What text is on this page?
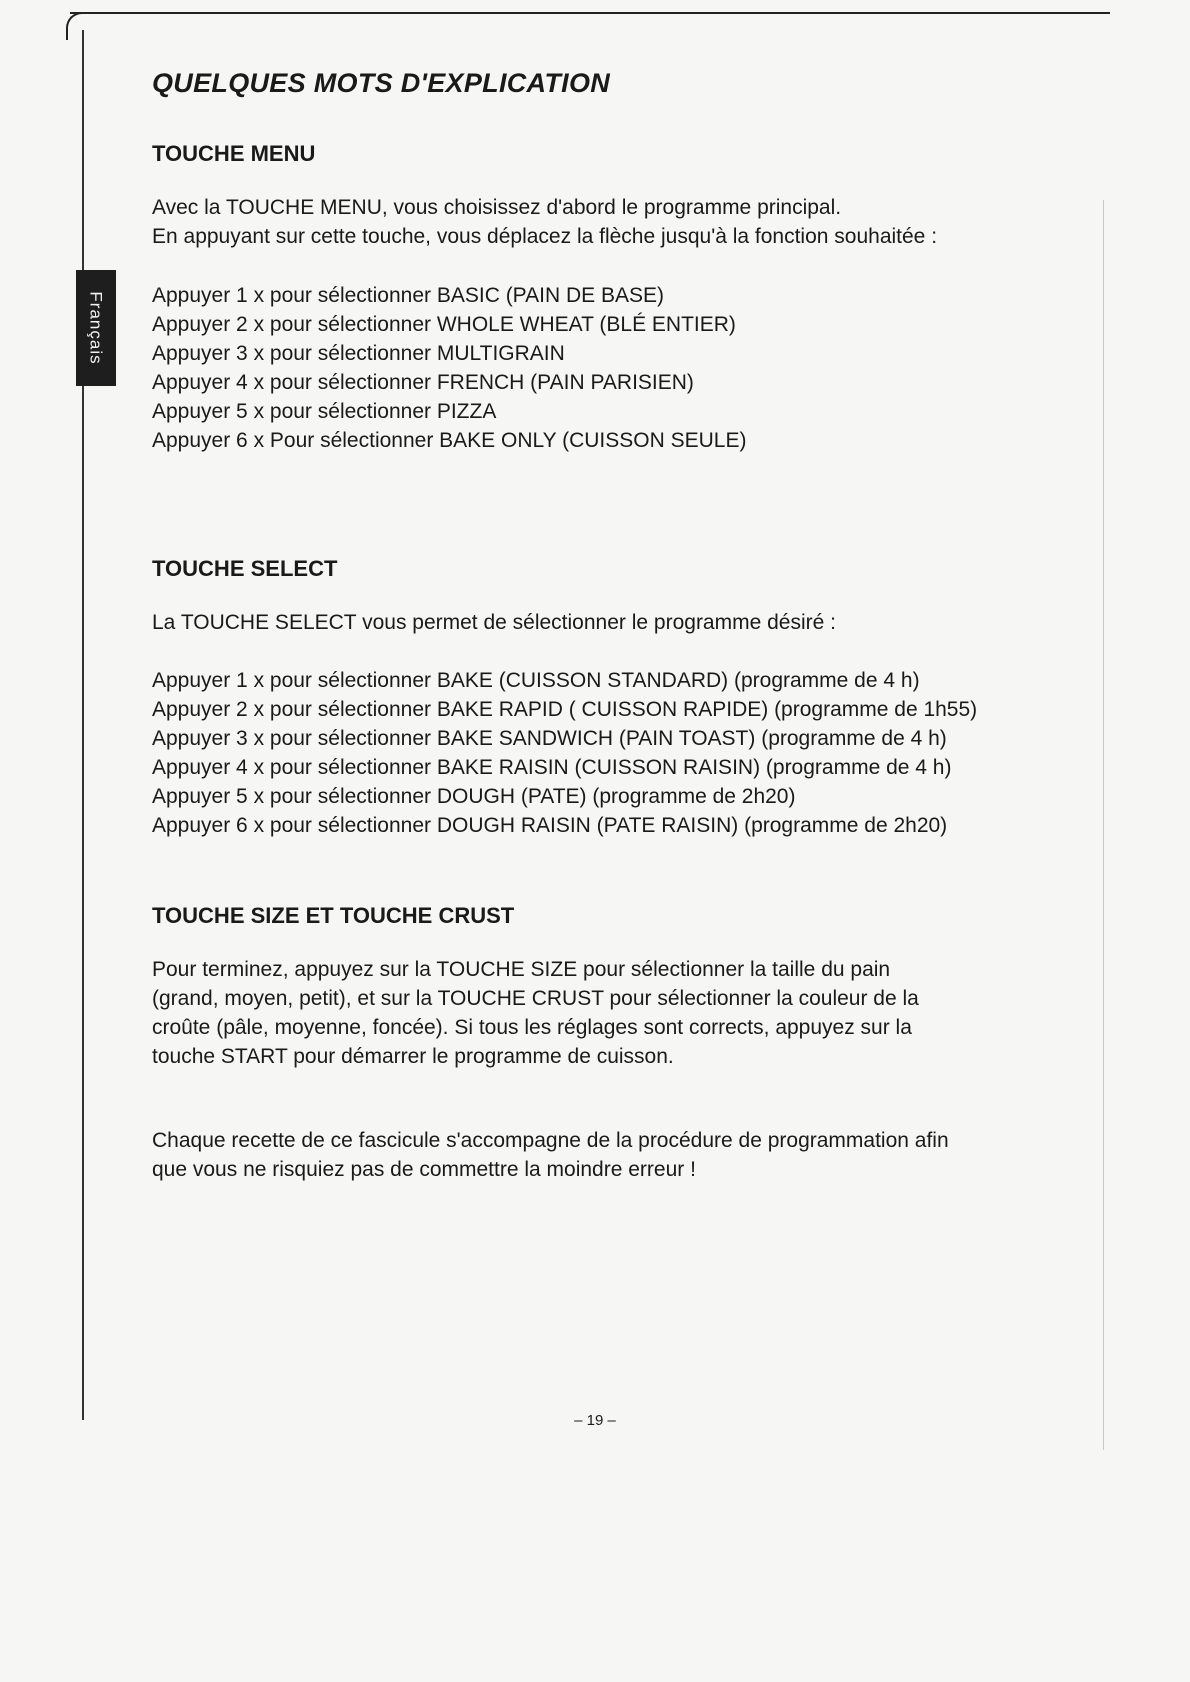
Français
QUELQUES MOTS D'EXPLICATION
TOUCHE MENU

Avec la TOUCHE MENU, vous choisissez d'abord le programme principal.

En appuyant sur cette touche, vous déplacez la flèche jusqu'à la fonction souhaitée :

Appuyer 1 x pour sélectionner BASIC (PAIN DE BASE)
Appuyer 2 x pour sélectionner WHOLE WHEAT (BLÉ ENTIER)
Appuyer 3 x pour sélectionner MULTIGRAIN
Appuyer 4 x pour sélectionner FRENCH (PAIN PARISIEN)
Appuyer 5 x pour sélectionner PIZZA
Appuyer 6 x Pour sélectionner BAKE ONLY (CUISSON SEULE)
TOUCHE SELECT

La TOUCHE SELECT vous permet de sélectionner le programme désiré :

Appuyer 1 x pour sélectionner BAKE (CUISSON STANDARD) (programme de 4 h)
Appuyer 2 x pour sélectionner BAKE RAPID ( CUISSON RAPIDE) (programme de 1h55)
Appuyer 3 x pour sélectionner BAKE SANDWICH (PAIN TOAST) (programme de 4 h)
Appuyer 4 x pour sélectionner BAKE RAISIN (CUISSON RAISIN) (programme de 4 h)
Appuyer 5 x pour sélectionner DOUGH (PATE) (programme de 2h20)
Appuyer 6 x pour sélectionner DOUGH RAISIN (PATE RAISIN) (programme de 2h20)
TOUCHE SIZE ET TOUCHE CRUST

Pour terminez, appuyez sur la TOUCHE SIZE pour sélectionner la taille du pain

(grand, moyen, petit), et sur la TOUCHE CRUST pour sélectionner la couleur de la

croûte (pâle, moyenne, foncée). Si tous les réglages sont corrects, appuyez sur la

touche START pour démarrer le programme de cuisson.

Chaque recette de ce fascicule s'accompagne de la procédure de programmation afin

que vous ne risquiez pas de commettre la moindre erreur !

– 19 –
